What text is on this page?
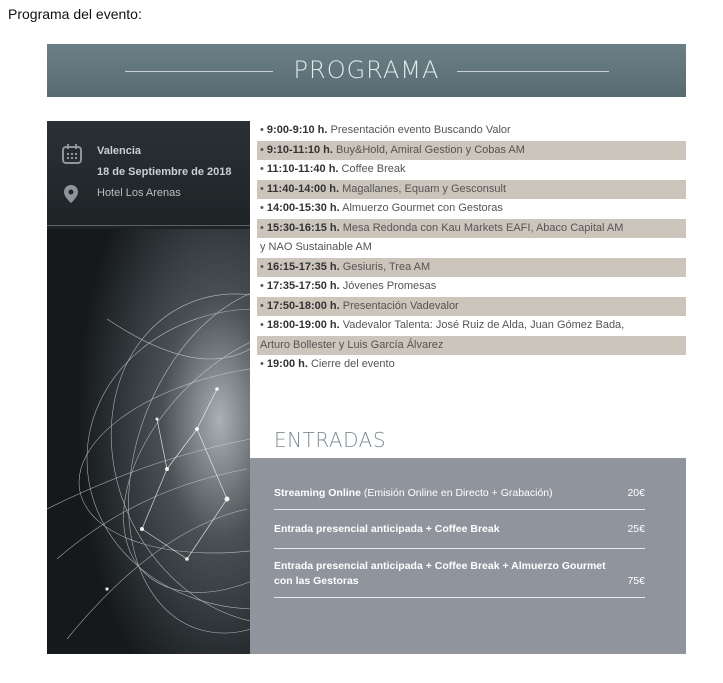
Programa del evento:
PROGRAMA
Valencia
18 de Septiembre de 2018
Hotel Los Arenas
• 9:00-9:10 h. Presentación evento Buscando Valor
• 9:10-11:10 h. Buy&Hold, Amiral Gestion y Cobas AM
• 11:10-11:40 h. Coffee Break
• 11:40-14:00 h. Magallanes, Equam y Gesconsult
• 14:00-15:30 h. Almuerzo Gourmet con Gestoras
• 15:30-16:15 h. Mesa Redonda con Kau Markets EAFI, Abaco Capital AM
y NAO Sustainable AM
• 16:15-17:35 h. Gesiuris, Trea AM
• 17:35-17:50 h. Jóvenes Promesas
• 17:50-18:00 h. Presentación Vadevalor
• 18:00-19:00 h. Vadevalor Talenta: José Ruiz de Alda, Juan Gómez Bada,
Arturo Bollester y Luis García Álvarez
• 19:00 h. Cierre del evento
ENTRADAS
Streaming Online (Emisión Online en Directo + Grabación)	20€
Entrada presencial anticipada + Coffee Break	25€
Entrada presencial anticipada + Coffee Break + Almuerzo Gourmet con las Gestoras	75€
